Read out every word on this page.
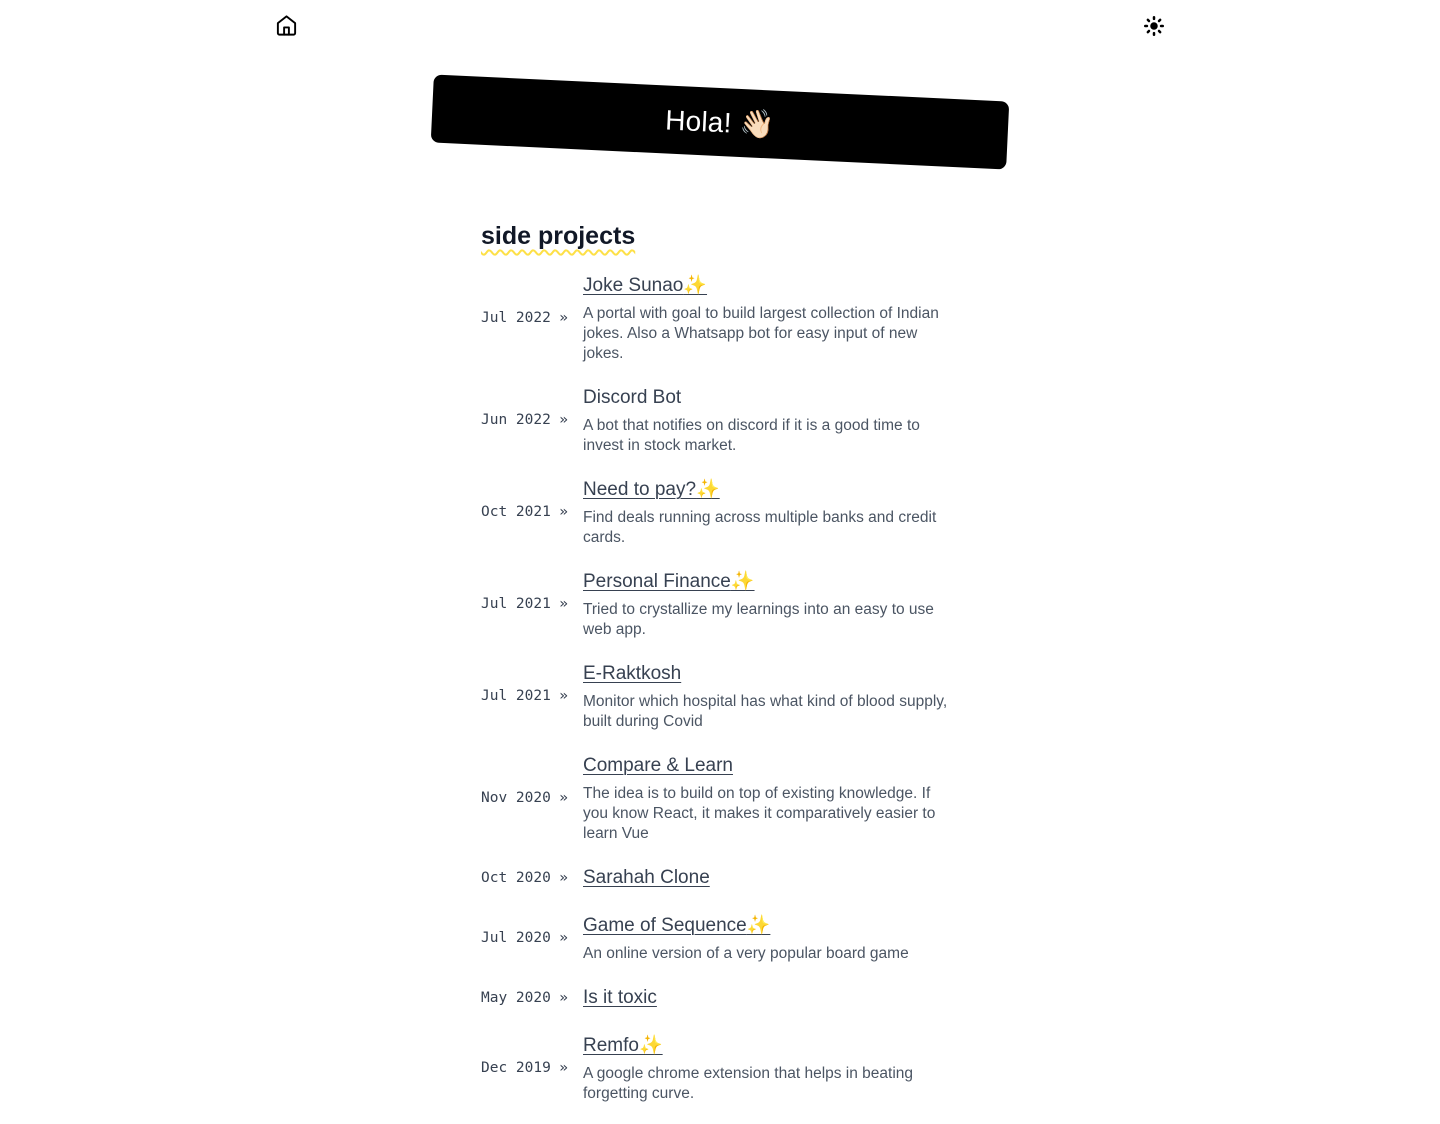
Hola! 👋🏻
side projects
Jul 2022 »
Joke Sunao✨

A portal with goal to build largest collection of Indian jokes. Also a Whatsapp bot for easy input of new jokes.

Jun 2022 »
Discord Bot

A bot that notifies on discord if it is a good time to invest in stock market.

Oct 2021 »
Need to pay?✨

Find deals running across multiple banks and credit cards.

Jul 2021 »
Personal Finance✨

Tried to crystallize my learnings into an easy to use web app.

Jul 2021 »
E-Raktkosh

Monitor which hospital has what kind of blood supply, built during Covid

Nov 2020 »
Compare & Learn

The idea is to build on top of existing knowledge. If you know React, it makes it comparatively easier to learn Vue

Oct 2020 » Sarahah Clone
Jul 2020 »
Game of Sequence✨

An online version of a very popular board game

May 2020 » Is it toxic
Dec 2019 »
Remfo✨

A google chrome extension that helps in beating forgetting curve.
